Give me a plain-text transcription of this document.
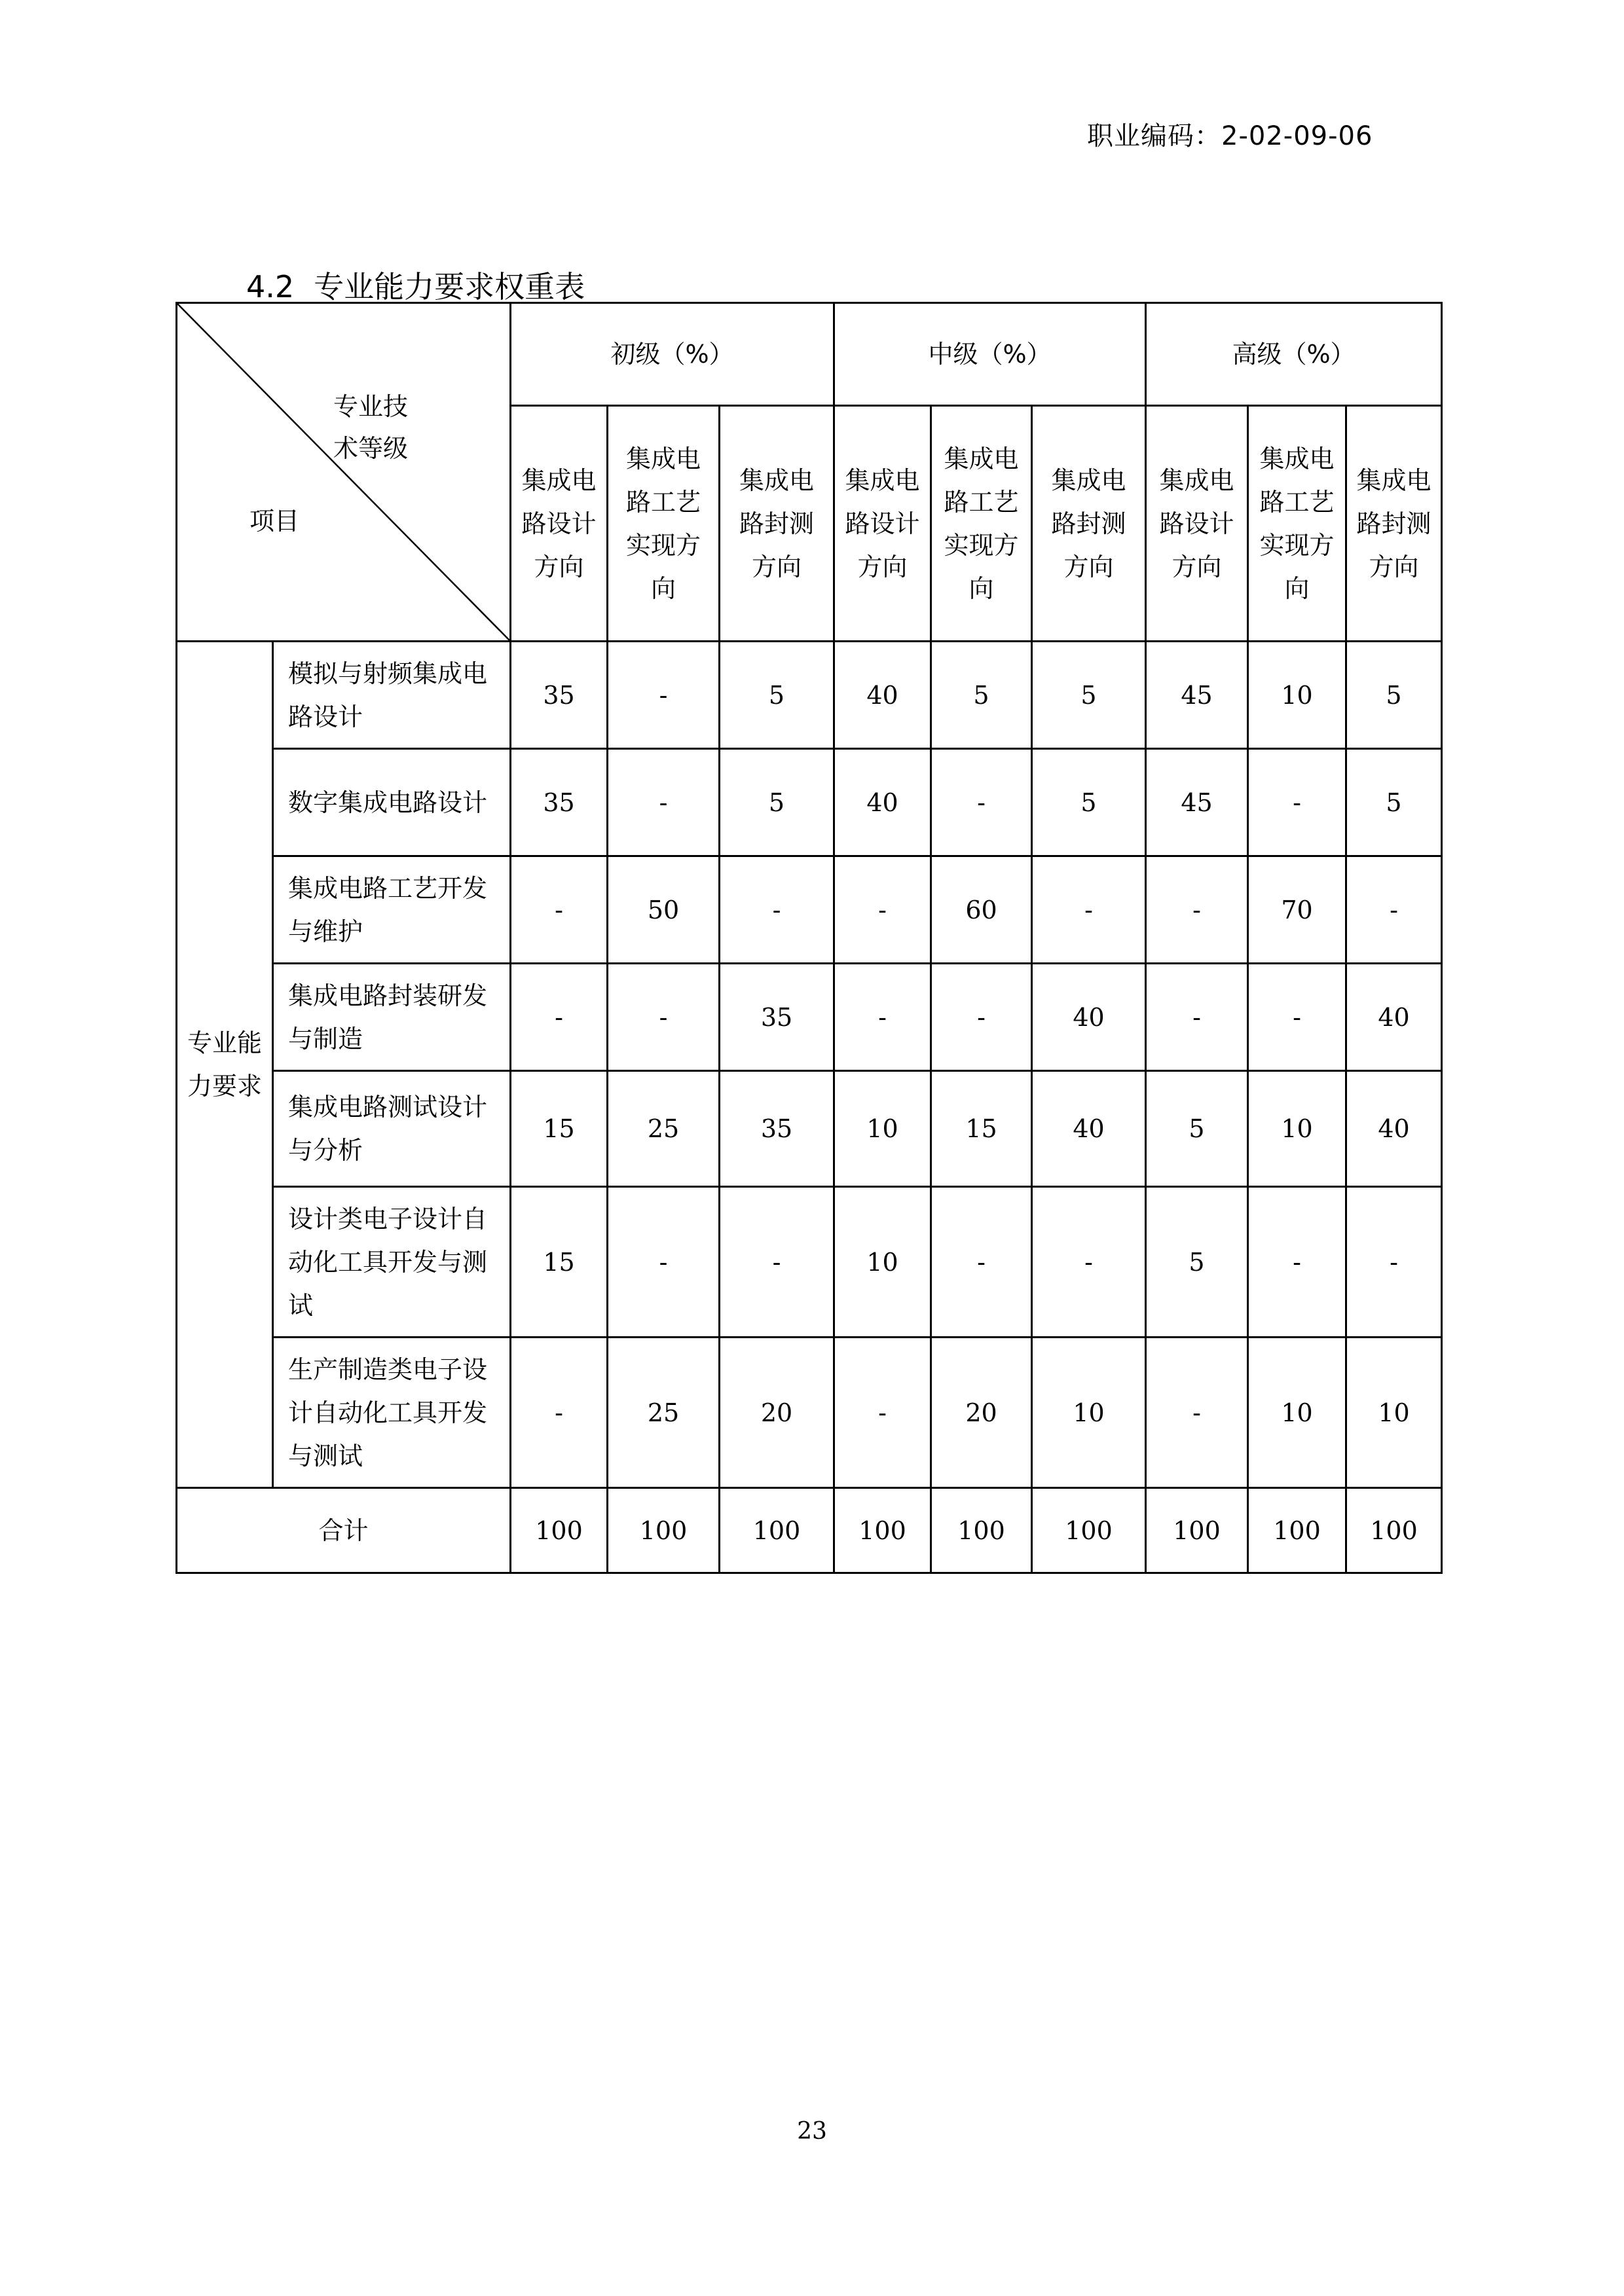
职业编码：2-02-09-06
4.2 专业能力要求权重表
专业技术等级
项目		初级（%）			中级（%）			高级（%）		
		集成电路设计方向	集成电路工艺实现方向	集成电路封测方向	集成电路设计方向	集成电路工艺实现方向	集成电路封测方向	集成电路设计方向	集成电路工艺实现方向	集成电路封测方向
专业能力要求	模拟与射频集成电路设计	35	-	5	40	5	5	45	10	5
	数字集成电路设计	35	-	5	40	-	5	45	-	5
	集成电路工艺开发与维护	-	50	-	-	60	-	-	70	-
	集成电路封装研发与制造	-	-	35	-	-	40	-	-	40
	集成电路测试设计与分析	15	25	35	10	15	40	5	10	40
	设计类电子设计自动化工具开发与测试	15	-	-	10	-	-	5	-	-
	生产制造类电子设计自动化工具开发与测试	-	25	20	-	20	10	-	10	10
合计		100	100	100	100	100	100	100	100	100
23
